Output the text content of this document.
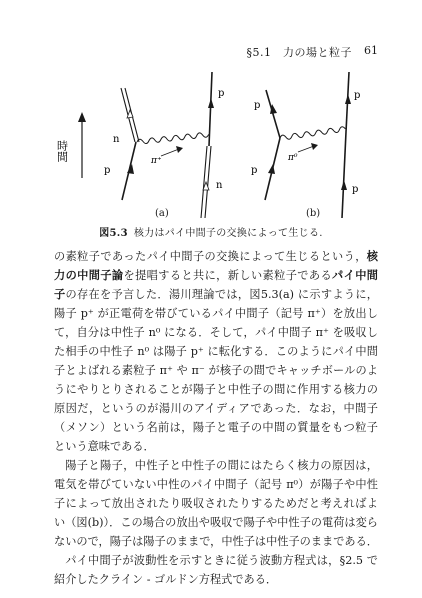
§5.1　力の場と粒子 61
時間
p
n
π⁺
n
p
p
p
π⁰
p
p
(a)	(b)
図5.3 核力はパイ中間子の交換によって生じる.

の素粒子であったパイ中間子の交換によって生じるという，核力の中間子論を提唱すると共に，新しい素粒子であるパイ中間子の存在を予言した．湯川理論では，図5.3(a) に示すように，陽子 p⁺ が正電荷を帯びているパイ中間子（記号 π⁺）を放出して，自分は中性子 n⁰ になる．そして，パイ中間子 π⁺ を吸収した相手の中性子 n⁰ は陽子 p⁺ に転化する．このようにパイ中間子とよばれる素粒子 π⁺ や π⁻ が核子の間でキャッチボールのようにやりとりされることが陽子と中性子の間に作用する核力の原因だ，というのが湯川のアイディアであった．なお，中間子（メソン）という名前は，陽子と電子の中間の質量をもつ粒子という意味である．

陽子と陽子，中性子と中性子の間にはたらく核力の原因は，電気を帯びていない中性のパイ中間子（記号 π⁰）が陽子や中性子によって放出されたり吸収されたりするためだと考えればよい（図(b)）．この場合の放出や吸収で陽子や中性子の電荷は変らないので，陽子は陽子のままで，中性子は中性子のままである．

パイ中間子が波動性を示すときに従う波動方程式は，§2.5 で紹介したクライン - ゴルドン方程式である．
